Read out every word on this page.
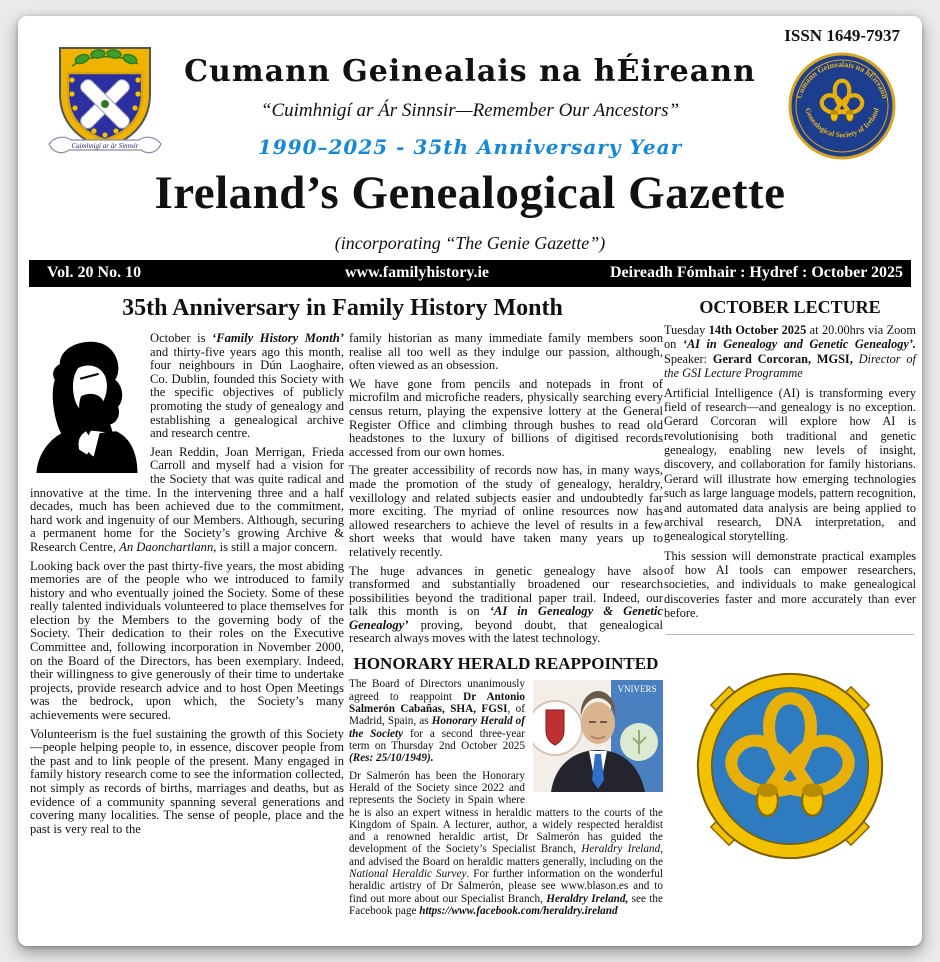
ISSN 1649-7937
Cuimhnigí ar ár Sinnsir
Cumann Geinealais na hÉireann
“Cuimhnigí ar Ár Sinnsir—Remember Our Ancestors”
1990–2025 - 35th Anniversary Year
Cumann Geinealais na hÉireann
Genealogical Society of Ireland
Ireland’s Genealogical Gazette
(incorporating “The Genie Gazette”)
Vol. 20 No. 10	www.familyhistory.ie	Deireadh Fómhair : Hydref : October 2025
35th Anniversary in Family History Month

October is ‘Family History Month’ and thirty-five years ago this month, four neighbours in Dún Laoghaire, Co. Dublin, founded this Society with the specific objectives of publicly promoting the study of genealogy and establishing a genealogical archive and research centre.

Jean Reddin, Joan Merrigan, Frieda Carroll and myself had a vision for the Society that was quite radical and innovative at the time. In the intervening three and a half decades, much has been achieved due to the commitment, hard work and ingenuity of our Members. Although, securing a permanent home for the Society’s growing Archive & Research Centre, An Daonchartlann, is still a major concern.

Looking back over the past thirty-five years, the most abiding memories are of the people who we introduced to family history and who eventually joined the Society. Some of these really talented individuals volunteered to place themselves for election by the Members to the governing body of the Society. Their dedication to their roles on the Executive Committee and, following incorporation in November 2000, on the Board of the Directors, has been exemplary. Indeed, their willingness to give generously of their time to undertake projects, provide research advice and to host Open Meetings was the bedrock, upon which, the Society’s many achievements were secured.

Volunteerism is the fuel sustaining the growth of this Society—people helping people to, in essence, discover people from the past and to link people of the present. Many engaged in family history research come to see the information collected, not simply as records of births, marriages and deaths, but as evidence of a community spanning several generations and covering many localities. The sense of people, place and the past is very real to the

family historian as many immediate family members soon realise all too well as they indulge our passion, although, often viewed as an obsession.

We have gone from pencils and notepads in front of microfilm and microfiche readers, physically searching every census return, playing the expensive lottery at the General Register Office and climbing through bushes to read old headstones to the luxury of billions of digitised records accessed from our own homes.

The greater accessibility of records now has, in many ways, made the promotion of the study of genealogy, heraldry, vexillology and related subjects easier and undoubtedly far more exciting. The myriad of online resources now has allowed researchers to achieve the level of results in a few short weeks that would have taken many years up to relatively recently.

The huge advances in genetic genealogy have also transformed and substantially broadened our research possibilities beyond the traditional paper trail. Indeed, our talk this month is on ‘AI in Genealogy & Genetic Genealogy’ proving, beyond doubt, that genealogical research always moves with the latest technology.

HONORARY HERALD REAPPOINTED
VNIVERS

The Board of Directors unanimously agreed to reappoint Dr Antonio Salmerón Cabañas, SHA, FGSI, of Madrid, Spain, as Honorary Herald of the Society for a second three-year term on Thursday 2nd October 2025 (Res: 25/10/1949).

Dr Salmerón has been the Honorary Herald of the Society since 2022 and represents the Society in Spain where he is also an expert witness in heraldic matters to the courts of the Kingdom of Spain. A lecturer, author, a widely respected heraldist and a renowned heraldic artist, Dr Salmerón has guided the development of the Society’s Specialist Branch, Heraldry Ireland, and advised the Board on heraldic matters generally, including on the National Heraldic Survey. For further information on the wonderful heraldic artistry of Dr Salmerón, please see www.blason.es and to find out more about our Specialist Branch, Heraldry Ireland, see the Facebook page https://www.facebook.com/heraldry.ireland

OCTOBER LECTURE

Tuesday 14th October 2025 at 20.00hrs via Zoom on ‘AI in Genealogy and Genetic Genealogy’. Speaker: Gerard Corcoran, MGSI, Director of the GSI Lecture Programme

Artificial Intelligence (AI) is transforming every field of research—and genealogy is no exception. Gerard Corcoran will explore how AI is revolutionising both traditional and genetic genealogy, enabling new levels of insight, discovery, and collaboration for family historians. Gerard will illustrate how emerging technologies such as large language models, pattern recognition, and automated data analysis are being applied to archival research, DNA interpretation, and genealogical storytelling.

This session will demonstrate practical examples of how AI tools can empower researchers, societies, and individuals to make genealogical discoveries faster and more accurately than ever before.
